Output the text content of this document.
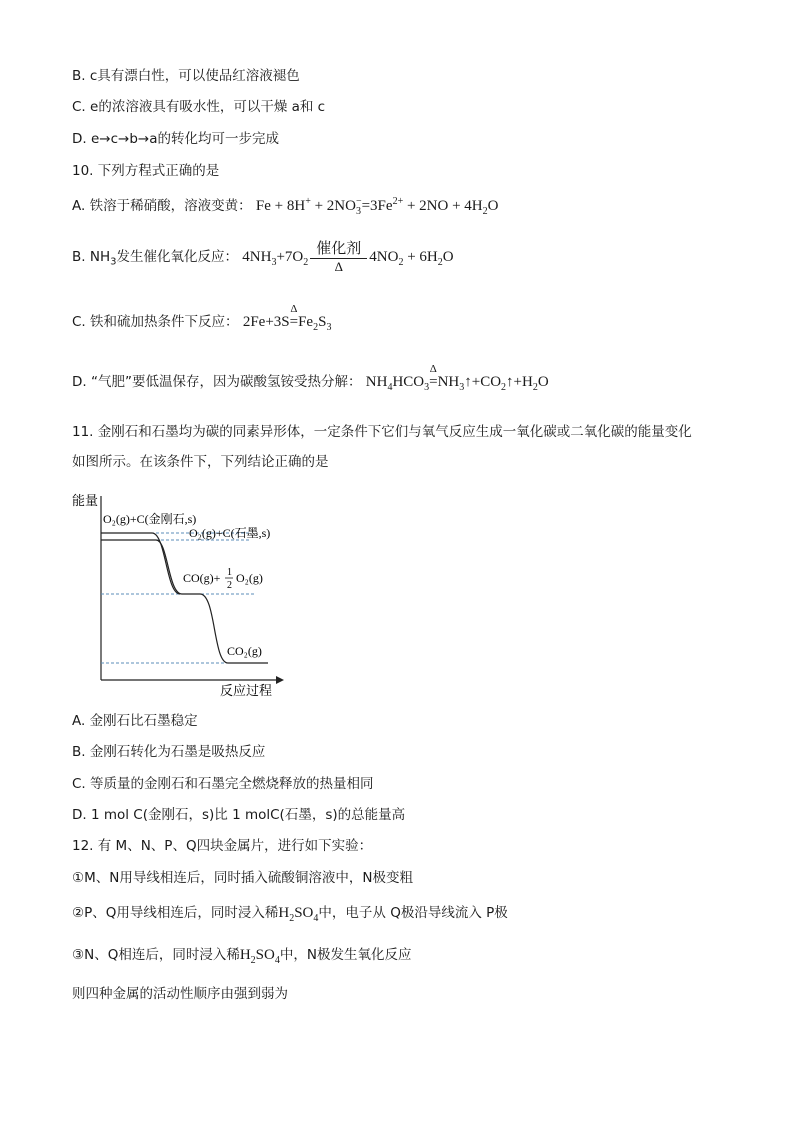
B. c具有漂白性，可以使品红溶液褪色
C. e的浓溶液具有吸水性，可以干燥 a和 c
D. e→c→b→a的转化均可一步完成
10. 下列方程式正确的是
A. 铁溶于稀硝酸，溶液变黄： $Fe + 8H^+ + 2NO_3^-=3Fe^{2+} + 2NO + 4H_2O$
B. $NH_3$发生催化氧化反应： $4NH_3+7O_2$
催化剂
Δ
$4NO_2 + 6H_2O$
C. 铁和硫加热条件下反应： 2Fe+3S
Δ
$=Fe_2S_3$
D. “气肥”要低温保存，因为碳酸氢铵受热分解： $NH_4HCO_3$
Δ
$=NH_3↑+CO_2↑+H_2O$
11. 金刚石和石墨均为碳的同素异形体，一定条件下它们与氧气反应生成一氧化碳或二氧化碳的能量变化
如图所示。在该条件下，下列结论正确的是
能量
反应过程
O₂(g)+C(金刚石,s)
O₂(g)+C(石墨,s)
CO(g)+ 1
2
O₂(g)
CO₂(g)
A. 金刚石比石墨稳定
B. 金刚石转化为石墨是吸热反应
C. 等质量的金刚石和石墨完全燃烧释放的热量相同
D. 1 mol C(金刚石，s)比 1 molC(石墨，s)的总能量高
12. 有 M、N、P、Q四块金属片，进行如下实验：
①M、N用导线相连后，同时插入硫酸铜溶液中，N极变粗
②P、Q用导线相连后，同时浸入稀$H_2SO_4$中，电子从 Q极沿导线流入 P极
③N、Q相连后，同时浸入稀$H_2SO_4$中，N极发生氧化反应
则四种金属的活动性顺序由强到弱为
